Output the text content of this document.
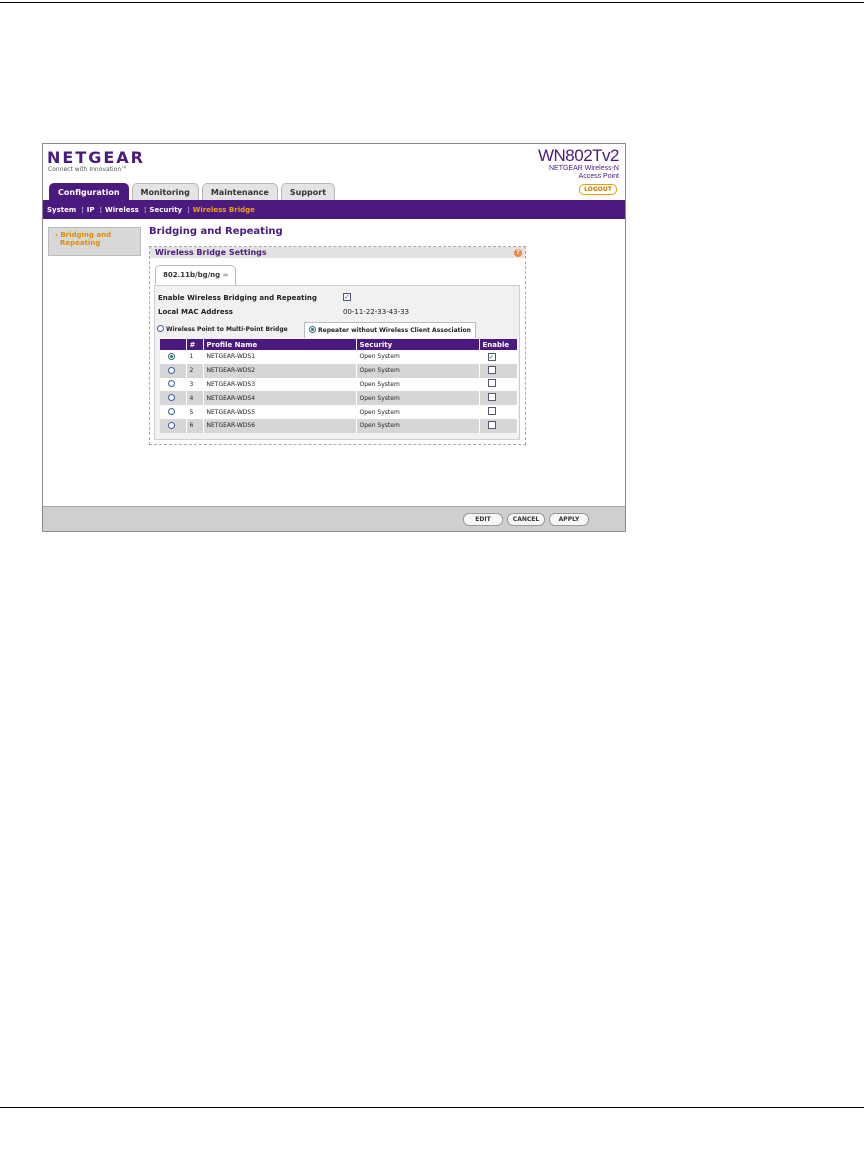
NETGEAR
Connect with Innovation™
WN802Tv2
NETGEAR Wireless-N
Access Point
LOGOUT
Configuration	Monitoring	Maintenance	Support
System ¦ IP ¦ Wireless ¦ Security ¦ Wireless Bridge
› Bridging and
Repeating
Bridging and Repeating
Wireless Bridge Settings	?
802.11b/bg/ng ≈
Enable Wireless Bridging and Repeating	✓
Local MAC Address	00-11-22-33-43-33
Wireless Point to Multi-Point Bridge	Repeater without Wireless Client Association
	#	Profile Name	Security	Enable
	1	NETGEAR-WDS1	Open System	✓
	2	NETGEAR-WDS2	Open System	
	3	NETGEAR-WDS3	Open System	
	4	NETGEAR-WDS4	Open System	
	5	NETGEAR-WDS5	Open System	
	6	NETGEAR-WDS6	Open System	
EDIT	CANCEL	APPLY
